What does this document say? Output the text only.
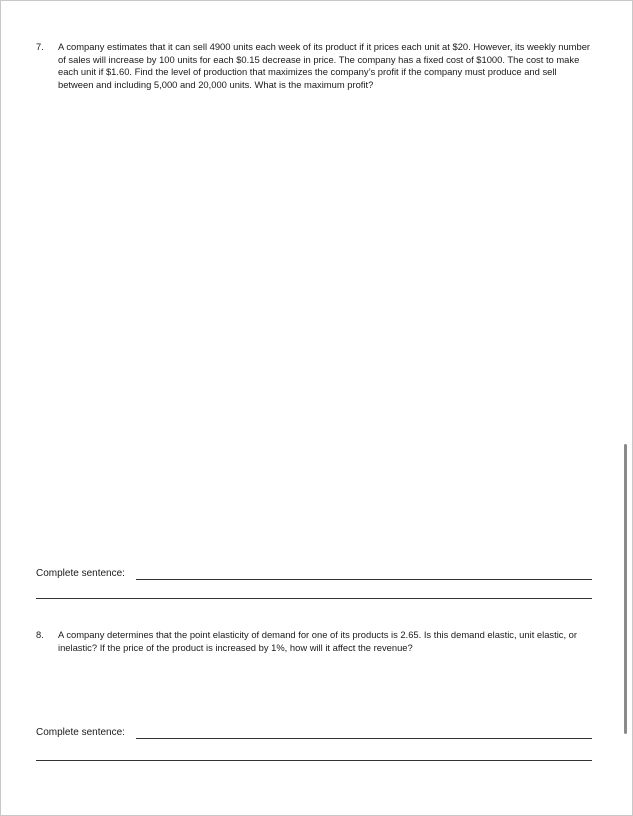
7.	A company estimates that it can sell 4900 units each week of its product if it prices each unit at $20. However, its weekly number of sales will increase by 100 units for each $0.15 decrease in price. The company has a fixed cost of $1000. The cost to make each unit if $1.60. Find the level of production that maximizes the company’s profit if the company must produce and sell between and including 5,000 and 20,000 units. What is the maximum profit?
Complete sentence:
8.	A company determines that the point elasticity of demand for one of its products is 2.65. Is this demand elastic, unit elastic, or inelastic? If the price of the product is increased by 1%, how will it affect the revenue?
Complete sentence:
